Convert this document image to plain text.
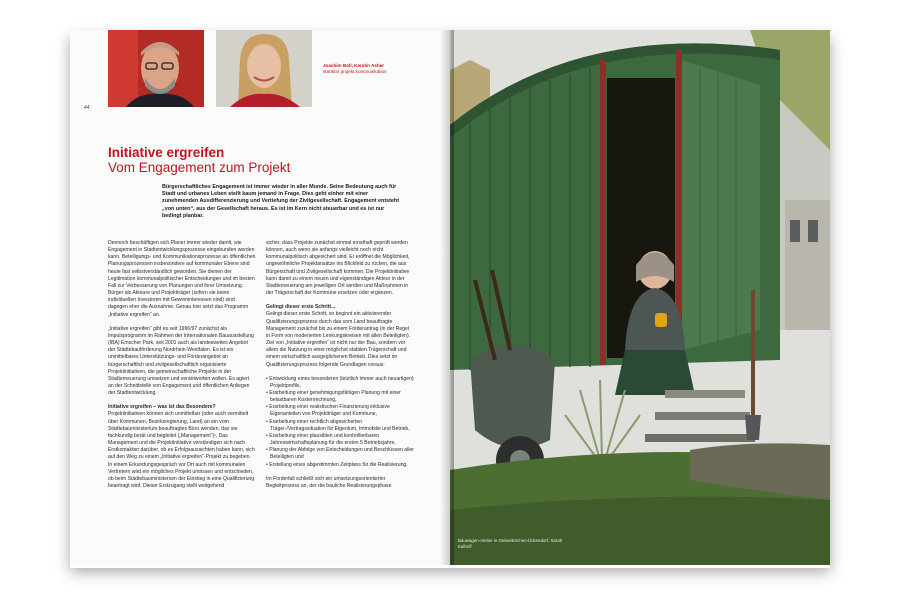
Joachim Boll, Kerstin Asher
startklar projekt.kommunikation
44
Initiative ergreifen
Vom Engagement zum Projekt
Bürgerschaftliches Engagement ist immer wieder in aller Munde. Seine Bedeutung auch für Stadt und urbanes Leben stellt kaum jemand in Frage. Dies geht einher mit einer zunehmenden Ausdifferenzierung und Vertiefung der Zivilgesellschaft. Engagement entsteht „von unten“, aus der Gesellschaft heraus. Es ist im Kern nicht steuerbar und es ist nur bedingt planbar.

Dennoch beschäftigen sich Planer immer wieder damit, wie Engagement in Stadtentwicklungsprozesse eingebunden werden kann. Beteiligungs- und Kommunikationsprozesse an öffentlichen Planungsprozessen insbesondere auf kommunaler Ebene sind heute fast selbstverständlich geworden. Sie dienen der Legitimation kommunalpolitischer Entscheidungen und im besten Fall zur Verbesserung von Planungen und ihrer Umsetzung. Bürger als Akteure und Projektträger (sofern sie keine individuellen Investoren mit Gewinninteressen sind) sind dagegen eher die Ausnahme. Genau hier setzt das Programm „Initiative ergreifen“ an.

„Initiative ergreifen“ gibt es seit 1996/97 zunächst als Impulsprogramm im Rahmen der Internationalen Bauausstellung (IBA) Emscher Park, seit 2001 auch als landesweites Angebot der Städtebauförderung Nordrhein-Westfalen. Es ist ein unmittelbares Unterstützungs- und Förderangebot an bürgerschaftlich und zivilgesellschaftlich organisierte Projektinitiativen, die gemeinschaftliche Projekte in der Stadterneuerung umsetzen und verantworten wollen. Es agiert an der Schnittstelle von Engagement und öffentlichen Anliegen der Stadtentwicklung.

Initiative ergreifen – was ist das Besondere?

Projektinitiativen können sich unmittelbar (oder auch vermittelt über Kommunen, Bezirksregierung, Land) an ein vom Städtebauministerium beauftragtes Büro wenden, das sie fachkundig berät und begleitet („Management“)¹. Das Management und die Projektinitiative verständigen sich nach Erstkontakten darüber, ob es Erfolgsaussichten haben kann, sich auf den Weg zu einem „Initiative ergreifen“-Projekt zu begeben. In einem Erkundungsgespräch vor Ort auch mit kommunalen Vertretern wird ein mögliches Projekt umrissen und entschieden, ob beim Städtebauministerium der Einstieg in eine Qualifizierung beantragt wird. Dieser Erstzugang stellt weitgehend

sicher, dass Projekte zunächst einmal ernsthaft geprüft werden können, auch wenn sie anfangs vielleicht noch nicht kommunalpolitisch abgesichert sind. Er eröffnet die Möglichkeit, ungewöhnliche Projektansätze ins Blickfeld zu rücken, die aus Bürgerschaft und Zivilgesellschaft kommen. Die Projektinitiative kann damit zu einem neuen und eigenständigen Akteur in der Stadterneuerung am jeweiligen Ort werden und Maßnahmen in der Trägerschaft der Kommune ersetzen oder ergänzen.

Gelingt dieser erste Schritt...

Gelingt dieser erste Schritt, so beginnt ein aktivierender Qualifizierungsprozess durch das vom Land beauftragte Management zunächst bis zu einem Förderantrag (in der Regel in Form von moderierten Lenkungskreisen mit allen Beteiligten). Ziel von „Initiative ergreifen“ ist nicht nur der Bau, sondern vor allem die Nutzung in einer möglichst stabilen Trägerschaft und einem wirtschaftlich ausgeglichenen Betrieb. Dies setzt im Qualifizierungsprozess folgende Grundlagen voraus:

• Entwicklung eines besonderen (letztlich immer auch neuartigen) Projektprofils,
• Erarbeitung einer genehmigungsfähigen Planung mit einer belastbaren Kostenrechnung,
• Erarbeitung einer realistischen Finanzierung inklusive Eigenanteilen von Projektträger und Kommune,
• Erarbeitung einer rechtlich abgesicherten Träger-/Vertragssituation für Eigentum, Immobilie und Betrieb,
• Erarbeitung einer plausiblen und kontrollierbaren Jahreswirtschaftsplanung für die ersten 5 Betriebsjahre,
• Planung der Abfolge von Entscheidungen und Beschlüssen aller Beteiligten und
• Erstellung eines abgestimmten Zeitplans für die Realisierung.

Im Förderfall schließt sich ein umsetzungsorientierter Begleitprozess an, der die bauliche Realisierungsphase

Bauwagen-Atelier in Gelsenkirchen-Ückendorf, Sarah Kalhoff
